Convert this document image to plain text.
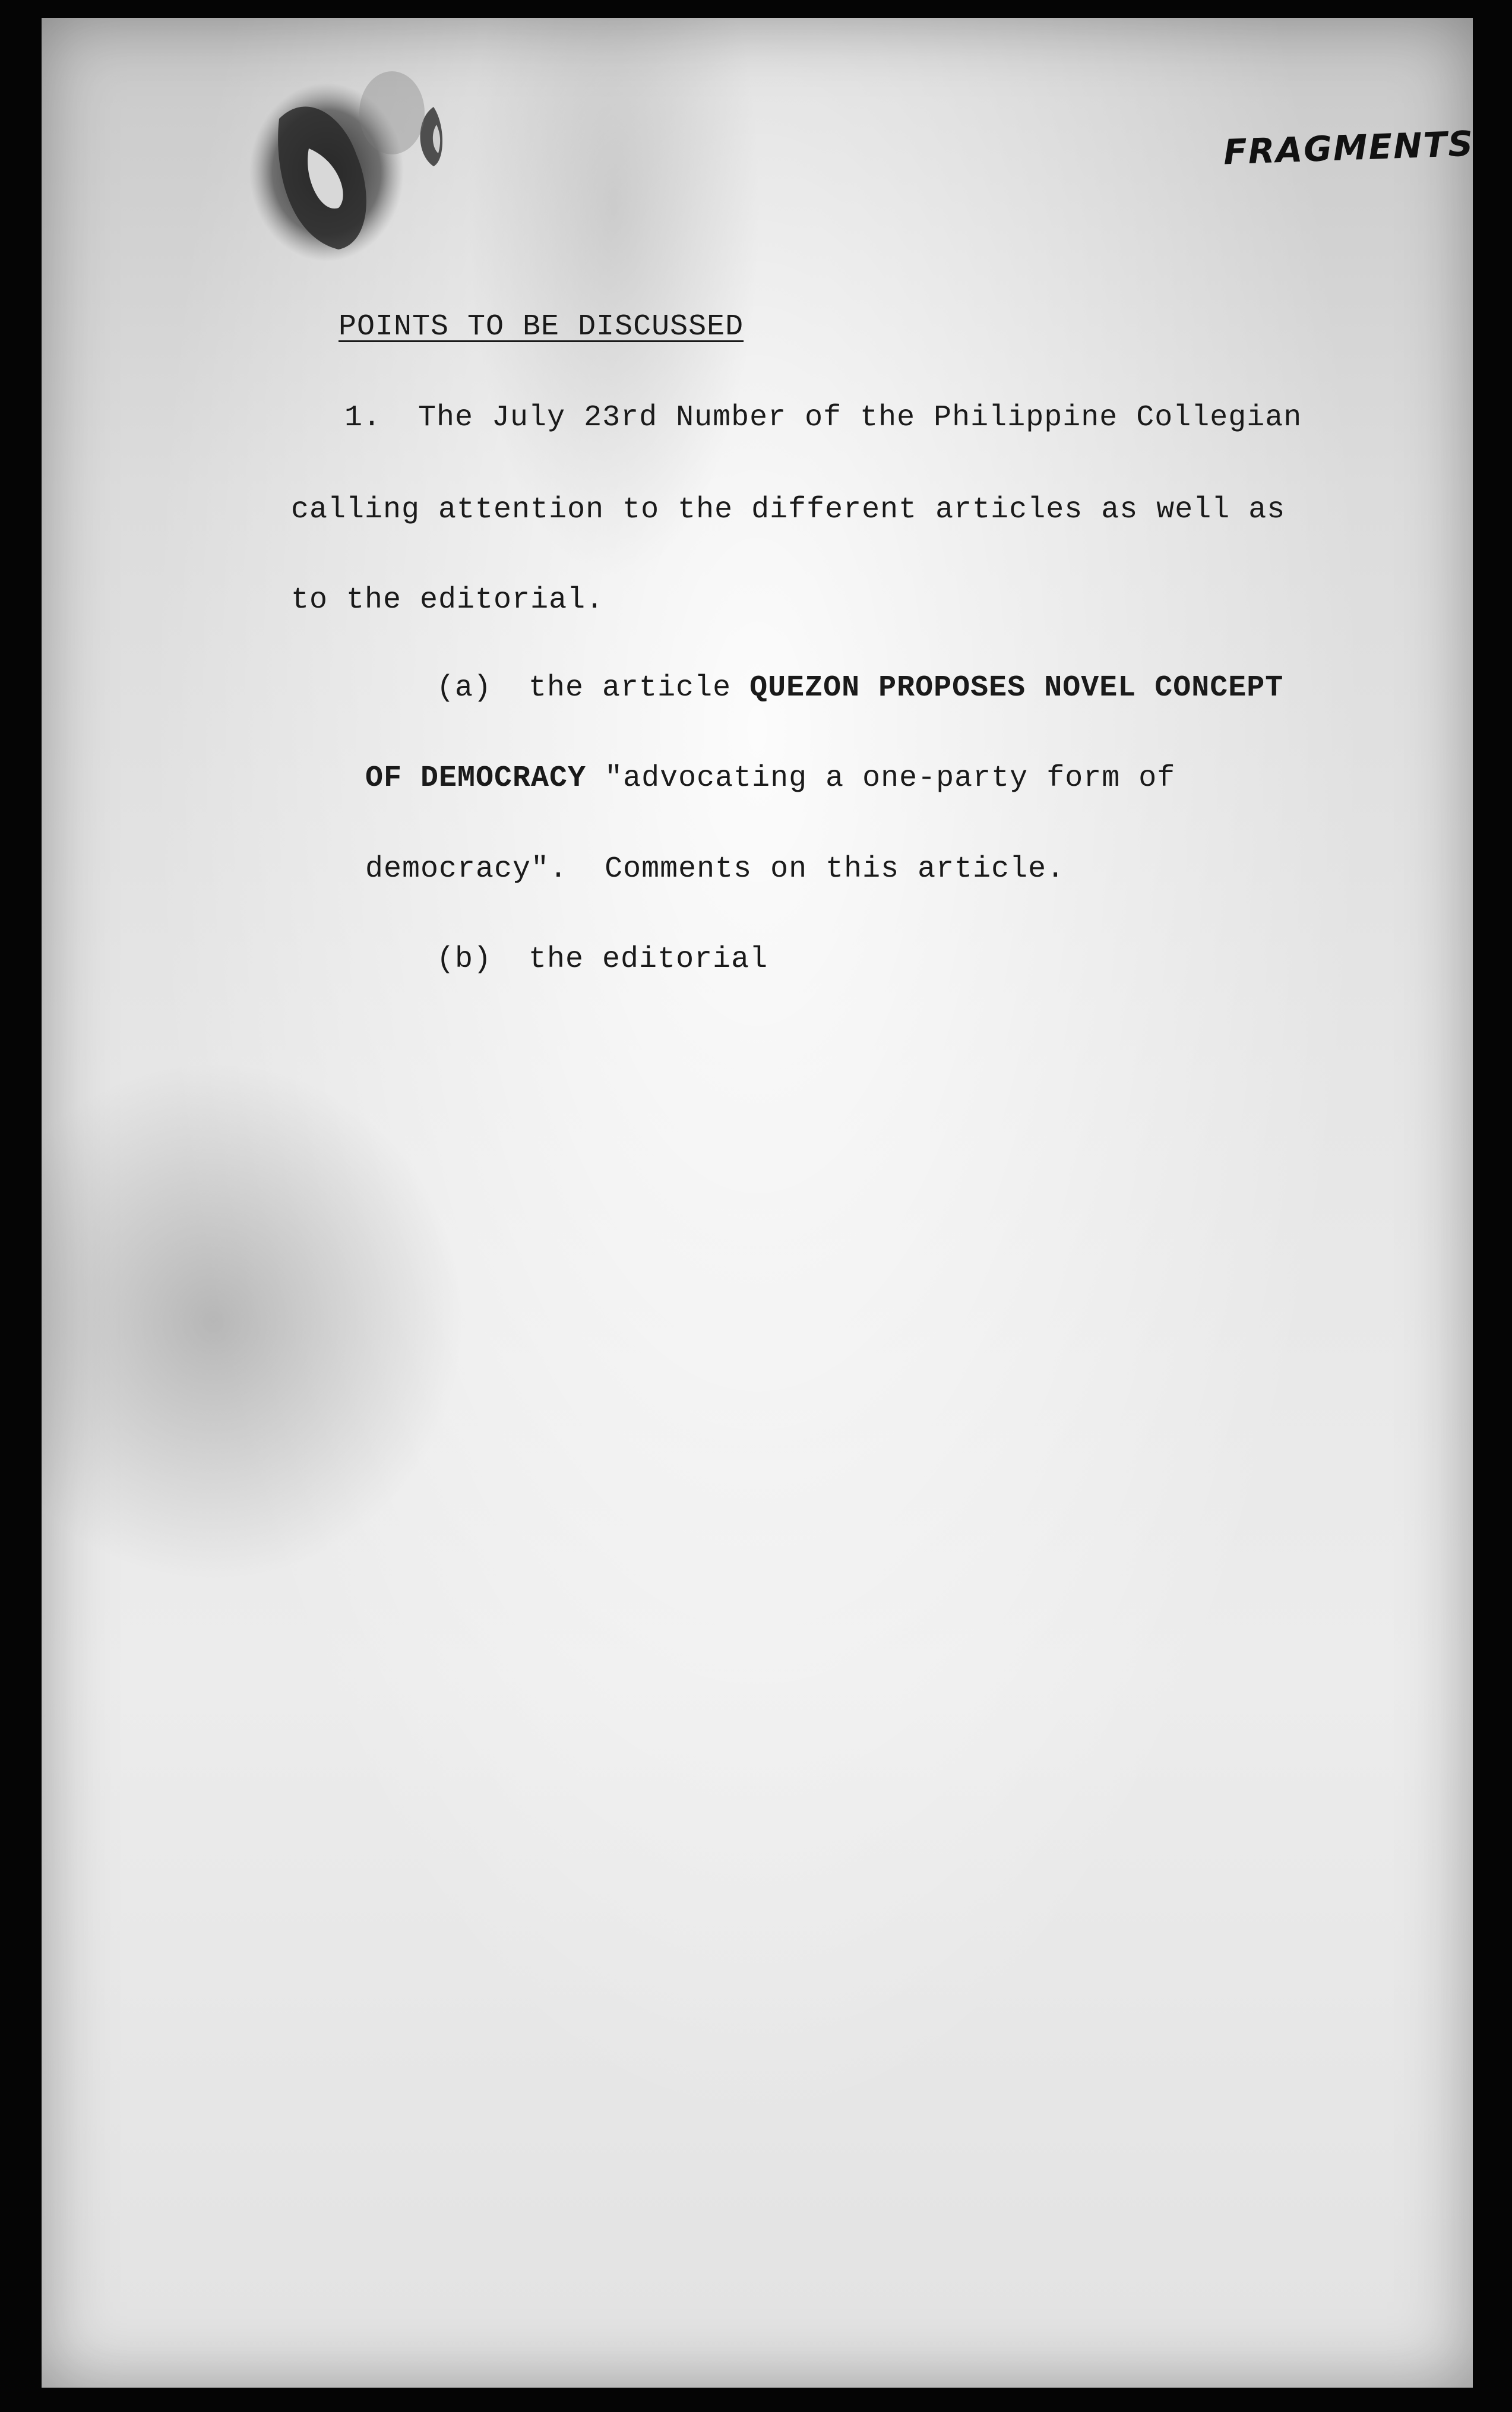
FRAGMENTS
POINTS TO BE DISCUSSED
1. The July 23rd Number of the Philippine Collegian
calling attention to the different articles as well as
to the editorial.
(a) the article QUEZON PROPOSES NOVEL CONCEPT
OF DEMOCRACY "advocating a one-party form of
democracy".  Comments on this article.
(b) the editorial
